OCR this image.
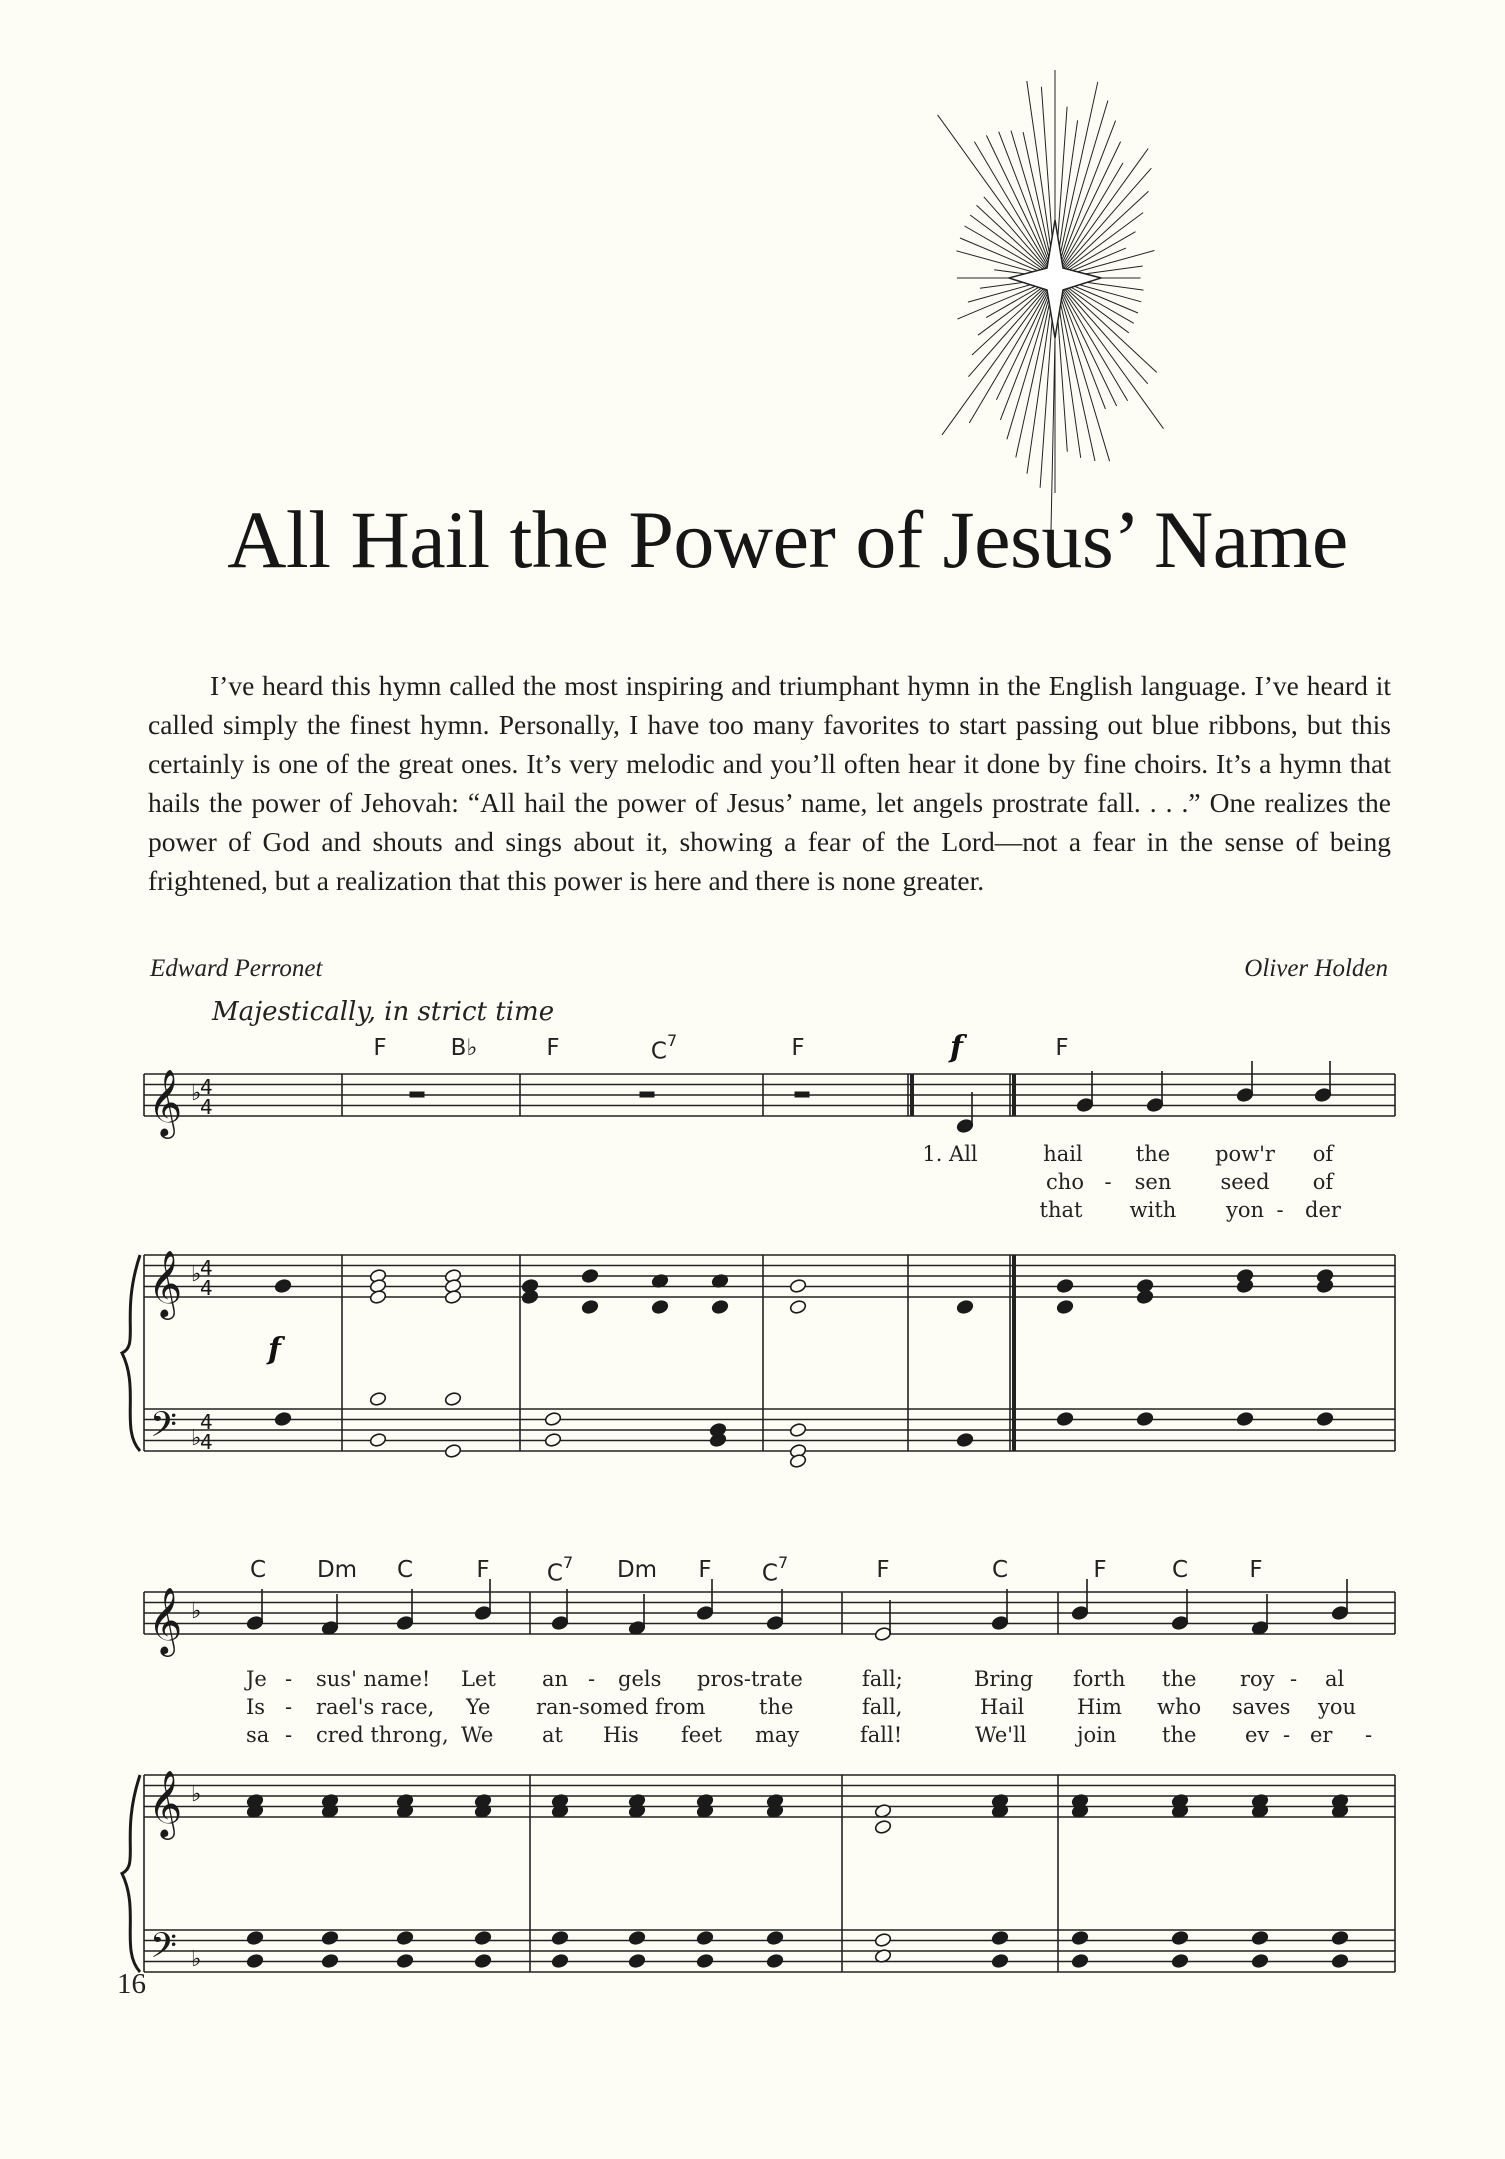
All Hail the Power of Jesus’ Name

I’ve heard this hymn called the most inspiring and triumphant hymn in the English language. I’ve heard it called simply the finest hymn. Personally, I have too many favorites to start passing out blue ribbons, but this certainly is one of the great ones. It’s very melodic and you’ll often hear it done by fine choirs. It’s a hymn that hails the power of Jehovah: “All hail the power of Jesus’ name, let angels prostrate fall. . . .” One realizes the power of God and shouts and sings about it, showing a fear of the Lord—not a fear in the sense of being frightened, but a realization that this power is here and there is none greater.

Edward Perronet	Oliver Holden
Majestically, in strict time
F	B♭	F	$C^7$	F	F
f
f
1. All	hail	the pow'r of
cho - sen seed of
that with yon - der
C Dm C	F $C^7$ Dm F $C^7$	F	C	F	C	F
Je - sus' name! Let an - gels pros-trate	fall;	Bring forth the roy - al
Is - rael's race, Ye ran-somed from	the	fall,	Hail	Him who saves you
sa - cred throng, We at His feet may	fall!	We'll join the ev - er -
𝄞
𝄞
𝄢
♭
♭
♭
4
4
4
4
4
4
𝄞
𝄞
𝄢
♭
♭
♭
16
